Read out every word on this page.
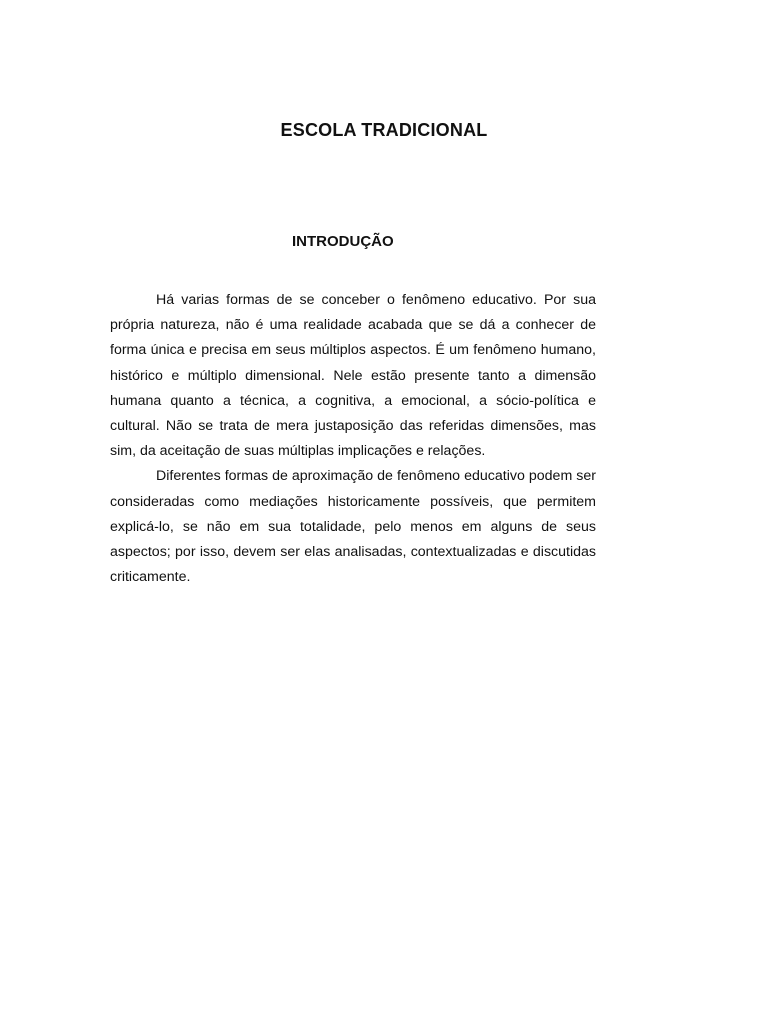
ESCOLA TRADICIONAL
INTRODUÇÃO

Há varias formas de se conceber o fenômeno educativo. Por sua própria natureza, não é uma realidade acabada que se dá a conhecer de forma única e precisa em seus múltiplos aspectos. É um fenômeno humano, histórico e múltiplo dimensional. Nele estão presente tanto a dimensão humana quanto a técnica, a cognitiva, a emocional, a sócio-política e cultural. Não se trata de mera justaposição das referidas dimensões, mas sim, da aceitação de suas múltiplas implicações e relações.

Diferentes formas de aproximação de fenômeno educativo podem ser consideradas como mediações historicamente possíveis, que permitem explicá-lo, se não em sua totalidade, pelo menos em alguns de seus aspectos; por isso, devem ser elas analisadas, contextualizadas e discutidas criticamente.
